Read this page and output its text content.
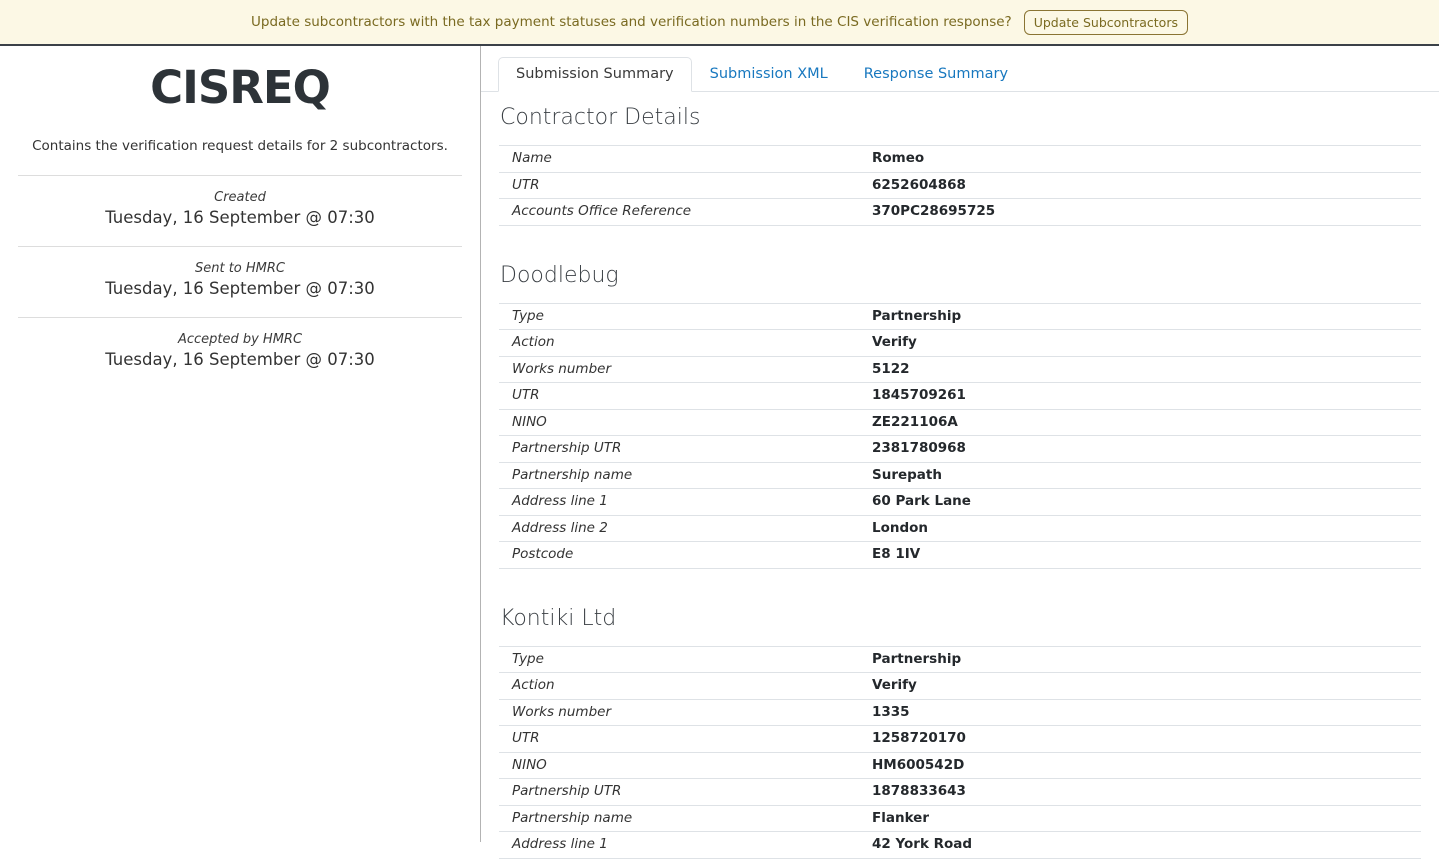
Update subcontractors with the tax payment statuses and verification numbers in the CIS verification response?	Update Subcontractors
CISREQ
Contains the verification request details for 2 subcontractors.
Created
Tuesday, 16 September @ 07:30
Sent to HMRC
Tuesday, 16 September @ 07:30
Accepted by HMRC
Tuesday, 16 September @ 07:30
Submission Summary	Submission XML	Response Summary
Contractor Details
Name	Romeo
UTR	6252604868
Accounts Office Reference	370PC28695725
Doodlebug
Type	Partnership
Action	Verify
Works number	5122
UTR	1845709261
NINO	ZE221106A
Partnership UTR	2381780968
Partnership name	Surepath
Address line 1	60 Park Lane
Address line 2	London
Postcode	E8 1IV
Kontiki Ltd
Type	Partnership
Action	Verify
Works number	1335
UTR	1258720170
NINO	HM600542D
Partnership UTR	1878833643
Partnership name	Flanker
Address line 1	42 York Road
